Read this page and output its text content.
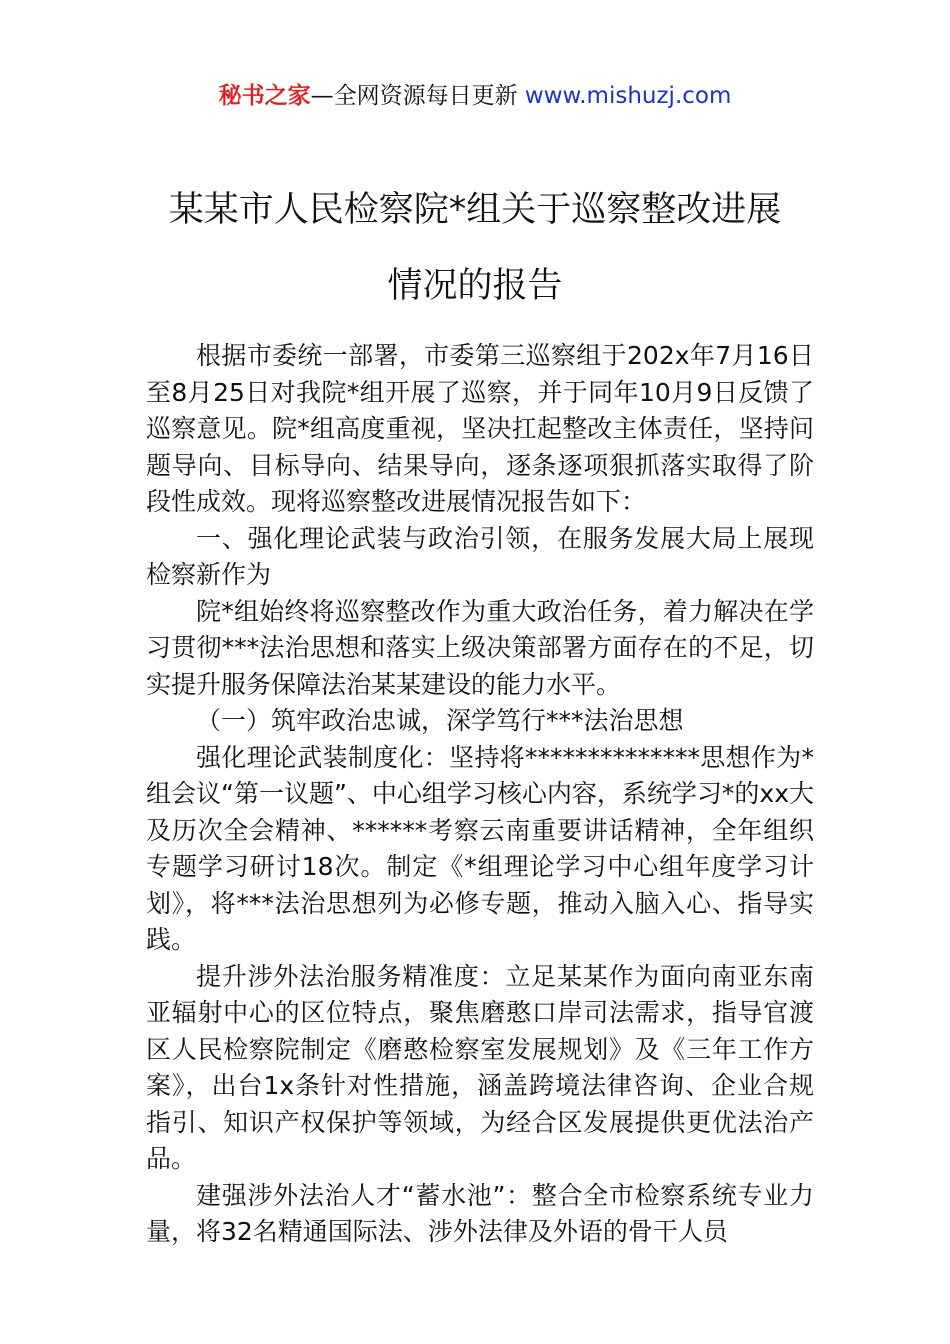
秘书之家—全网资源每日更新 www.mishuzj.com
某某市人民检察院*组关于巡察整改进展
情况的报告

根据市委统一部署，市委第三巡察组于202x年7月16日至8月25日对我院*组开展了巡察，并于同年10月9日反馈了巡察意见。院*组高度重视，坚决扛起整改主体责任，坚持问题导向、目标导向、结果导向，逐条逐项狠抓落实取得了阶段性成效。现将巡察整改进展情况报告如下：

一、强化理论武装与政治引领，在服务发展大局上展现检察新作为

院*组始终将巡察整改作为重大政治任务，着力解决在学习贯彻***法治思想和落实上级决策部署方面存在的不足，切实提升服务保障法治某某建设的能力水平。

（一）筑牢政治忠诚，深学笃行***法治思想

强化理论武装制度化：坚持将**************思想作为*组会议“第一议题”、中心组学习核心内容，系统学习*的xx大及历次全会精神、******考察云南重要讲话精神，全年组织专题学习研讨18次。制定《*组理论学习中心组年度学习计划》，将***法治思想列为必修专题，推动入脑入心、指导实践。

提升涉外法治服务精准度：立足某某作为面向南亚东南亚辐射中心的区位特点，聚焦磨憨口岸司法需求，指导官渡区人民检察院制定《磨憨检察室发展规划》及《三年工作方案》，出台1x条针对性措施，涵盖跨境法律咨询、企业合规指引、知识产权保护等领域，为经合区发展提供更优法治产品。

建强涉外法治人才“蓄水池”：整合全市检察系统专业力量，将32名精通国际法、涉外法律及外语的骨干人员
